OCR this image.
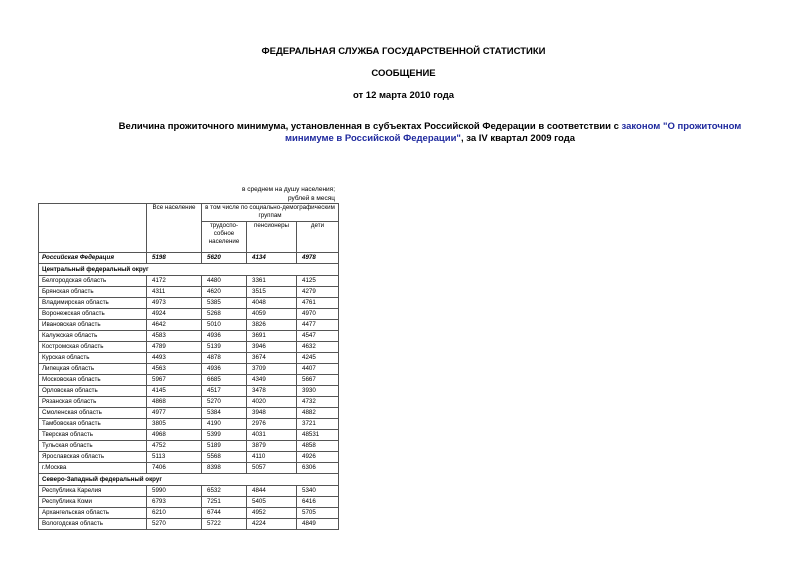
ФЕДЕРАЛЬНАЯ СЛУЖБА ГОСУДАРСТВЕННОЙ СТАТИСТИКИ
СООБЩЕНИЕ
от 12 марта 2010 года
Величина прожиточного минимума, установленная в субъектах Российской Федерации в соответствии с законом "О прожиточном минимуме в Российской Федерации", за IV квартал 2009 года
в среднем на душу населения;
рублей в месяц
	Все население	в том числе по социально-демографическим группам		
		трудоспо-собное население	пенсионеры	дети
Российская Федерация	5198	5620	4134	4978
Центральный федеральный округ				
Белгородская область	4172	4480	3361	4125
Брянская область	4311	4620	3515	4279
Владимирская область	4973	5385	4048	4761
Воронежская область	4924	5268	4059	4970
Ивановская область	4642	5010	3826	4477
Калужская область	4583	4936	3691	4547
Костромская область	4789	5139	3946	4632
Курская область	4493	4878	3674	4245
Липецкая область	4563	4936	3709	4407
Московская область	5967	6685	4349	5667
Орловская область	4145	4517	3478	3930
Рязанская область	4868	5270	4020	4732
Смоленская область	4977	5384	3948	4882
Тамбовская область	3805	4190	2976	3721
Тверская область	4968	5399	4031	48531
Тульская область	4752	5189	3879	4858
Ярославская область	5113	5568	4110	4926
г.Москва	7406	8398	5057	6306
Северо-Западный федеральный округ				
Республика Карелия	5990	6532	4844	5340
Республика Коми	6793	7251	5405	6416
Архангельская область	6210	6744	4952	5705
Вологодская область	5270	5722	4224	4849
